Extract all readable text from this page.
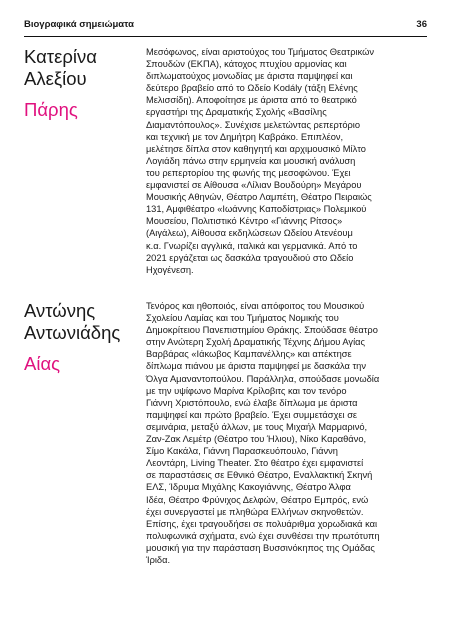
Βιογραφικά σημειώματα	36
Κατερίνα
Αλεξίου
Πάρης
Μεσόφωνος, είναι αριστούχος του Τμήματος Θεατρικών
Σπουδών (ΕΚΠΑ), κάτοχος πτυχίου αρμονίας και
διπλωματούχος μονωδίας με άριστα παμψηφεί και
δεύτερο βραβείο από το Ωδείο Kodály (τάξη Ελένης
Μελισσίδη). Αποφοίτησε με άριστα από το θεατρικό
εργαστήρι της Δραματικής Σχολής «Βασίλης
Διαμαντόπουλος». Συνέχισε μελετώντας ρεπερτόριο
και τεχνική με τον Δημήτρη Καβράκο. Επιπλέον,
μελέτησε δίπλα στον καθηγητή και αρχιμουσικό Μίλτο
Λογιάδη πάνω στην ερμηνεία και μουσική ανάλυση
του ρεπερτορίου της φωνής της μεσοφώνου. Έχει
εμφανιστεί σε Αίθουσα «Λίλιαν Βουδούρη» Μεγάρου
Μουσικής Αθηνών, Θέατρο Λαμπέτη, Θέατρο Πειραιώς
131, Αμφιθέατρο «Ιωάννης Καποδίστριας» Πολεμικού
Μουσείου, Πολιτιστικό Κέντρο «Γιάννης Ρίτσος»
(Αιγάλεω), Αίθουσα εκδηλώσεων Ωδείου Ατενέουμ
κ.α. Γνωρίζει αγγλικά, ιταλικά και γερμανικά. Από το
2021 εργάζεται ως δασκάλα τραγουδιού στο Ωδείο
Ηχογένεση.
Αντώνης
Αντωνιάδης
Αίας
Τενόρος και ηθοποιός, είναι απόφοιτος του Μουσικού
Σχολείου Λαμίας και του Τμήματος Νομικής του
Δημοκρίτειου Πανεπιστημίου Θράκης. Σπούδασε θέατρο
στην Ανώτερη Σχολή Δραματικής Τέχνης Δήμου Αγίας
Βαρβάρας «Ιάκωβος Καμπανέλλης» και απέκτησε
δίπλωμα πιάνου με άριστα παμψηφεί με δασκάλα την
Όλγα Αμαναντοπούλου. Παράλληλα, σπούδασε μονωδία
με την υψίφωνο Μαρίνα Κρίλοβιτς και τον τενόρο
Γιάννη Χριστόπουλο, ενώ έλαβε δίπλωμα με άριστα
παμψηφεί και πρώτο βραβείο. Έχει συμμετάσχει σε
σεμινάρια, μεταξύ άλλων, με τους Μιχαήλ Μαρμαρινό,
Ζαν-Ζακ Λεμέτρ (Θέατρο του Ήλιου), Νίκο Καραθάνο,
Σίμο Κακάλα, Γιάννη Παρασκευόπουλο, Γιάννη
Λεοντάρη, Living Theater. Στο θέατρο έχει εμφανιστεί
σε παραστάσεις σε Εθνικό Θέατρο, Εναλλακτική Σκηνή
ΕΛΣ, Ίδρυμα Μιχάλης Κακογιάννης, Θέατρο Άλφα
Ιδέα, Θέατρο Φρύνιχος Δελφών, Θέατρο Εμπρός, ενώ
έχει συνεργαστεί με πληθώρα Ελλήνων σκηνοθετών.
Επίσης, έχει τραγουδήσει σε πολυάριθμα χορωδιακά και
πολυφωνικά σχήματα, ενώ έχει συνθέσει την πρωτότυπη
μουσική για την παράσταση Βυσσινόκηπος της Ομάδας
Ίριδα.
